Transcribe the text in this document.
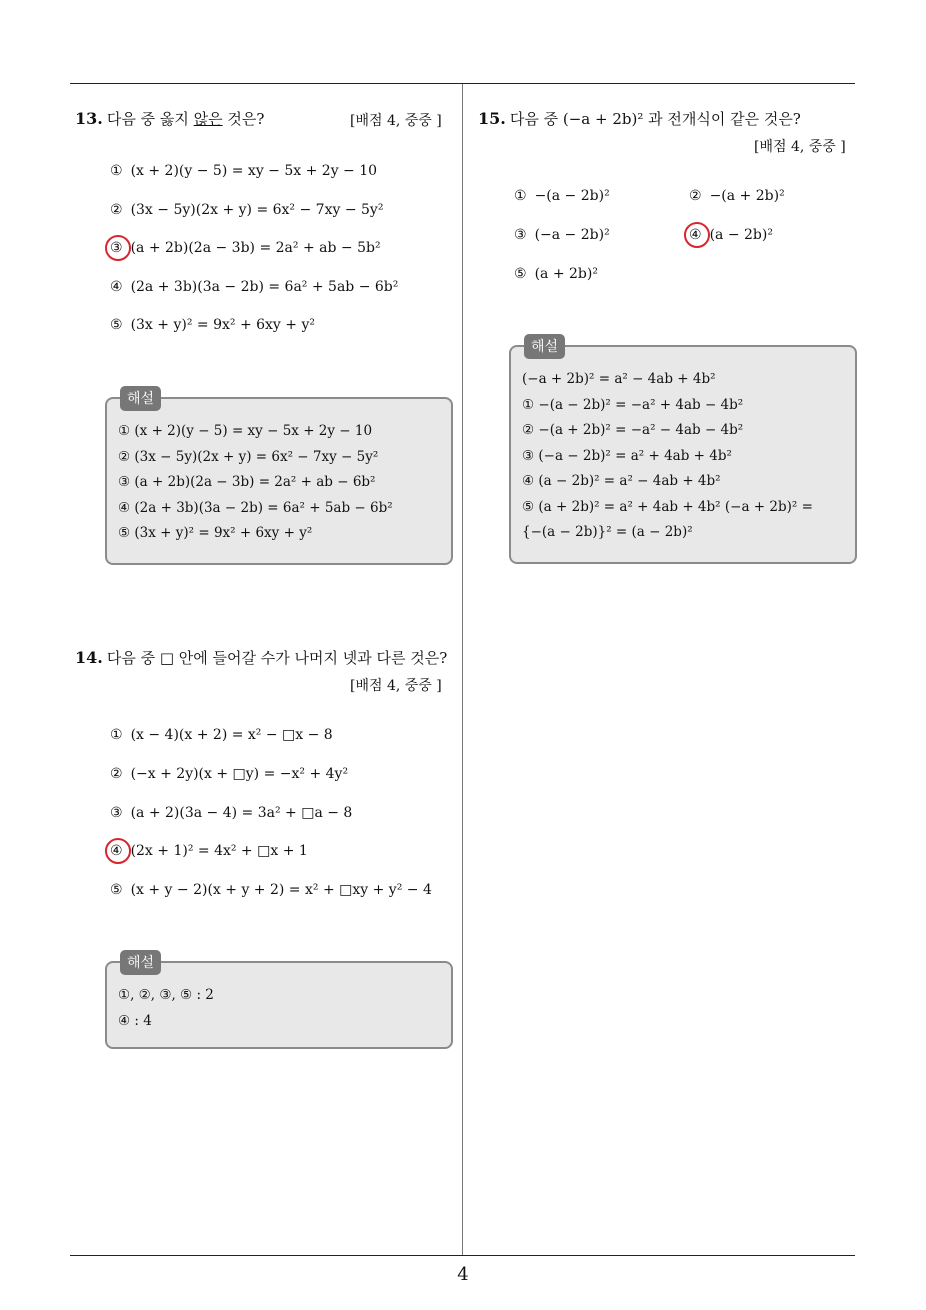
4
13. 다음 중 옳지 않은 것은?	[배점 4, 중중 ]
① (x + 2)(y − 5) = xy − 5x + 2y − 10
② (3x − 5y)(2x + y) = 6x² − 7xy − 5y²
③ (a + 2b)(2a − 3b) = 2a² + ab − 5b²
④ (2a + 3b)(3a − 2b) = 6a² + 5ab − 6b²
⑤ (3x + y)² = 9x² + 6xy + y²
해설
① (x + 2)(y − 5) = xy − 5x + 2y − 10
② (3x − 5y)(2x + y) = 6x² − 7xy − 5y²
③ (a + 2b)(2a − 3b) = 2a² + ab − 6b²
④ (2a + 3b)(3a − 2b) = 6a² + 5ab − 6b²
⑤ (3x + y)² = 9x² + 6xy + y²
14. 다음 중 □ 안에 들어갈 수가 나머지 넷과 다른 것은?
[배점 4, 중중 ]
① (x − 4)(x + 2) = x² − □x − 8
② (−x + 2y)(x + □y) = −x² + 4y²
③ (a + 2)(3a − 4) = 3a² + □a − 8
④ (2x + 1)² = 4x² + □x + 1
⑤ (x + y − 2)(x + y + 2) = x² + □xy + y² − 4
해설
①, ②, ③, ⑤ : 2
④ : 4
15. 다음 중 (−a + 2b)² 과 전개식이 같은 것은?
[배점 4, 중중 ]
① −(a − 2b)²	② −(a + 2b)²
③ (−a − 2b)²	④ (a − 2b)²
⑤ (a + 2b)²
해설
(−a + 2b)² = a² − 4ab + 4b²
① −(a − 2b)² = −a² + 4ab − 4b²
② −(a + 2b)² = −a² − 4ab − 4b²
③ (−a − 2b)² = a² + 4ab + 4b²
④ (a − 2b)² = a² − 4ab + 4b²
⑤ (a + 2b)² = a² + 4ab + 4b² (−a + 2b)² =
{−(a − 2b)}² = (a − 2b)²
